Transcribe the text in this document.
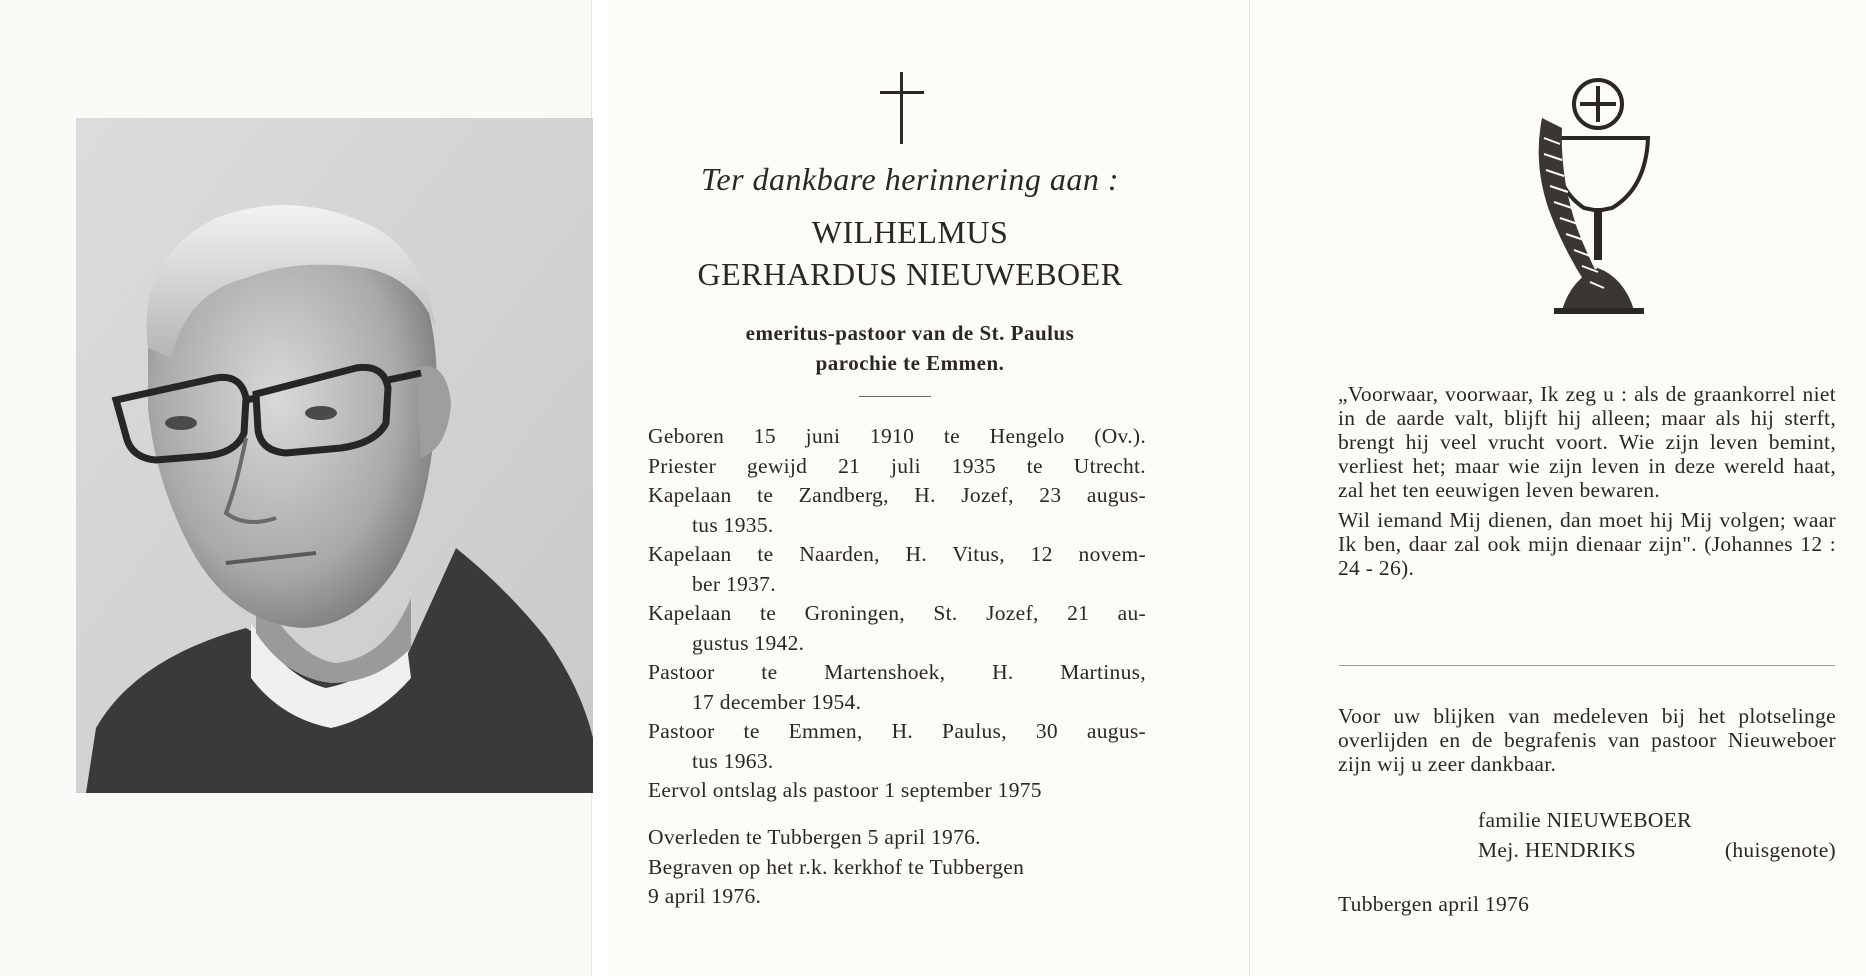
Ter dankbare herinnering aan :
WILHELMUS
GERHARDUS NIEUWEBOER
emeritus-pastoor van de St. Paulus
parochie te Emmen.
Geboren 15 juni 1910 te Hengelo (Ov.).
Priester gewijd 21 juli 1935 te Utrecht.
Kapelaan te Zandberg, H. Jozef, 23 augus-
tus 1935.
Kapelaan te Naarden, H. Vitus, 12 novem-
ber 1937.
Kapelaan te Groningen, St. Jozef, 21 au-
gustus 1942.
Pastoor te Martenshoek, H. Martinus,
17 december 1954.
Pastoor te Emmen, H. Paulus, 30 augus-
tus 1963.
Eervol ontslag als pastoor 1 september 1975
Overleden te Tubbergen 5 april 1976.
Begraven op het r.k. kerkhof te Tubbergen
9 april 1976.

„Voorwaar, voorwaar, Ik zeg u : als de graankorrel niet in de aarde valt, blijft hij alleen; maar als hij sterft, brengt hij veel vrucht voort. Wie zijn leven bemint, verliest het; maar wie zijn leven in deze wereld haat, zal het ten eeuwigen leven bewaren.

Wil iemand Mij dienen, dan moet hij Mij volgen; waar Ik ben, daar zal ook mijn dienaar zijn". (Johannes 12 : 24 - 26).

Voor uw blijken van medeleven bij het plotselinge overlijden en de begrafenis van pastoor Nieuweboer zijn wij u zeer dankbaar.
familie NIEUWEBOER
Mej. HENDRIKS	(huisgenote)
Tubbergen april 1976
